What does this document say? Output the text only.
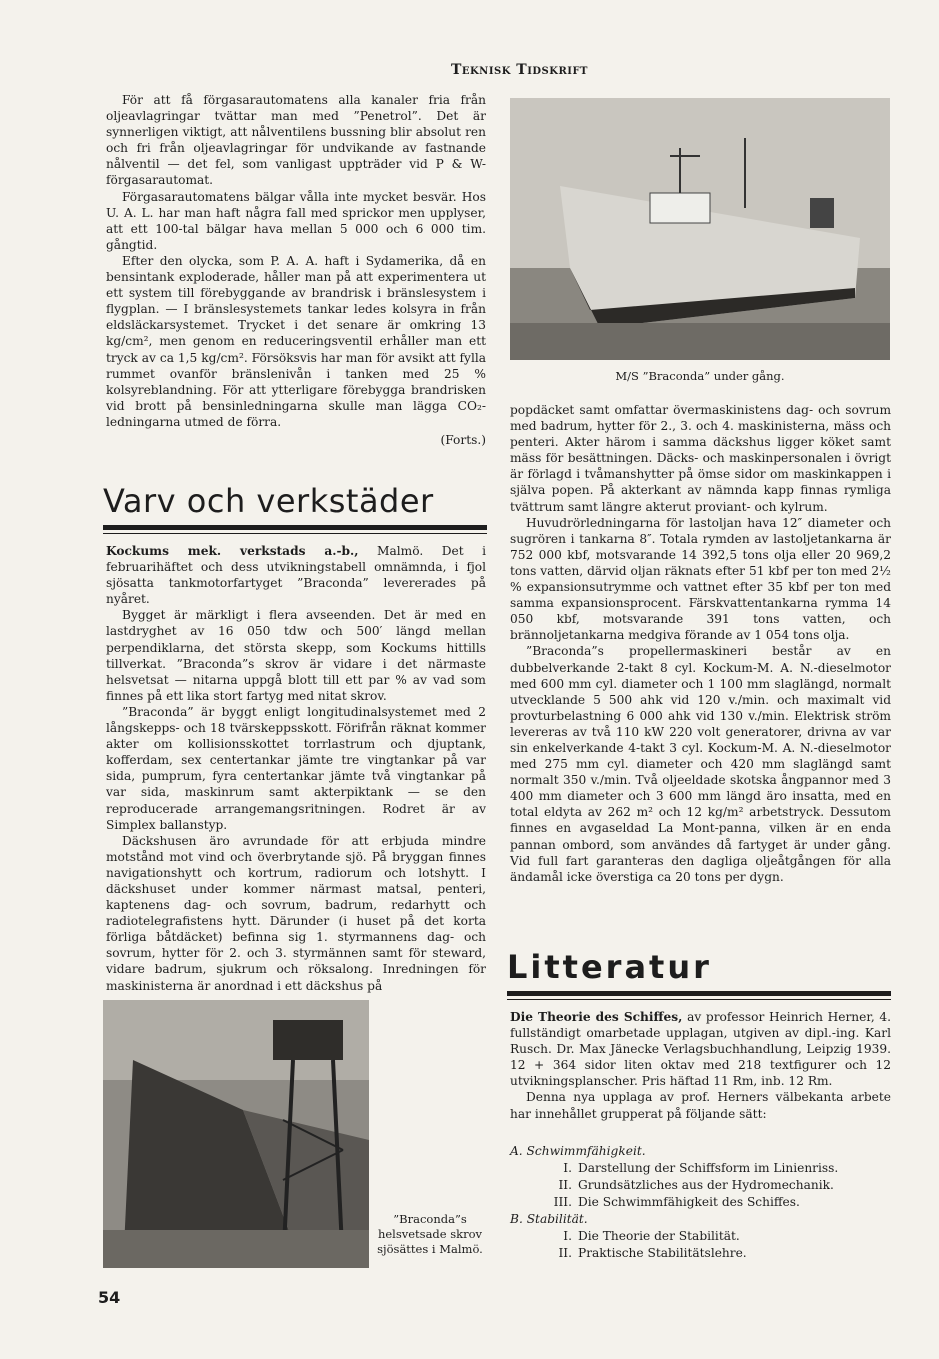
Teknisk Tidskrift

För att få förgasarautomatens alla kanaler fria från oljeavlagringar tvättar man med ”Penetrol”. Det är synnerligen viktigt, att nålventilens bussning blir absolut ren och fri från oljeavlagringar för undvikande av fastnande nålventil — det fel, som vanligast uppträder vid P & W-förgasarautomat.

Förgasarautomatens bälgar vålla inte mycket besvär. Hos U. A. L. har man haft några fall med sprickor men upplyser, att ett 100-tal bälgar hava mellan 5 000 och 6 000 tim. gångtid.

Efter den olycka, som P. A. A. haft i Sydamerika, då en bensintank exploderade, håller man på att experimentera ut ett system till förebyggande av brandrisk i bränslesystem i flygplan. — I bränslesystemets tankar ledes kolsyra in från eldsläckarsystemet. Trycket i det senare är omkring 13 kg/cm², men genom en reduceringsventil erhåller man ett tryck av ca 1,5 kg/cm². Försöksvis har man för avsikt att fylla rummet ovanför bränslenivån i tanken med 25 % kolsyreblandning. För att ytterligare förebygga brandrisken vid brott på bensinledningarna skulle man lägga CO₂-ledningarna utmed de förra.

(Forts.)
Varv och verkstäder

Kockums mek. verkstads a.-b., Malmö. Det i februarihäftet och dess utvikningstabell omnämnda, i fjol sjösatta tankmotorfartyget ”Braconda” levererades på nyåret.

Bygget är märkligt i flera avseenden. Det är med en lastdryghet av 16 050 tdw och 500′ längd mellan perpendiklarna, det största skepp, som Kockums hittills tillverkat. ”Braconda”s skrov är vidare i det närmaste helsvetsat — nitarna uppgå blott till ett par % av vad som finnes på ett lika stort fartyg med nitat skrov.

”Braconda” är byggt enligt longitudinalsystemet med 2 långskepps- och 18 tvärskeppsskott. Förifrån räknat kommer akter om kollisionsskottet torrlastrum och djuptank, kofferdam, sex centertankar jämte tre vingtankar på var sida, pumprum, fyra centertankar jämte två vingtankar på var sida, maskinrum samt akterpiktank — se den reproducerade arrangemangsritningen. Rodret är av Simplex ballanstyp.

Däckshusen äro avrundade för att erbjuda mindre motstånd mot vind och överbrytande sjö. På bryggan finnes navigationshytt och kortrum, radiorum och lotshytt. I däckshuset under kommer närmast matsal, penteri, kaptenens dag- och sovrum, badrum, redarhytt och radiotelegrafistens hytt. Därunder (i huset på det korta förliga båtdäcket) befinna sig 1. styrmannens dag- och sovrum, hytter för 2. och 3. styrmännen samt för steward, vidare badrum, sjukrum och röksalong. Inredningen för maskinisterna är anordnad i ett däckshus på

”Braconda”s helsvetsade skrov sjösättes i Malmö.
M/S ”Braconda” under gång.

popdäcket samt omfattar övermaskinistens dag- och sovrum med badrum, hytter för 2., 3. och 4. maskinisterna, mäss och penteri. Akter härom i samma däckshus ligger köket samt mäss för besättningen. Däcks- och maskinpersonalen i övrigt är förlagd i tvåmanshytter på ömse sidor om maskinkappen i själva popen. På akterkant av nämnda kapp finnas rymliga tvättrum samt längre akterut proviant- och kylrum.

Huvudrörledningarna för lastoljan hava 12″ diameter och sugrören i tankarna 8″. Totala rymden av lastoljetankarna är 752 000 kbf, motsvarande 14 392,5 tons olja eller 20 969,2 tons vatten, därvid oljan räknats efter 51 kbf per ton med 2½ % expansionsutrymme och vattnet efter 35 kbf per ton med samma expansionsprocent. Färskvattentankarna rymma 14 050 kbf, motsvarande 391 tons vatten, och brännoljetankarna medgiva förande av 1 054 tons olja.

”Braconda”s propellermaskineri består av en dubbelverkande 2-takt 8 cyl. Kockum-M. A. N.-dieselmotor med 600 mm cyl. diameter och 1 100 mm slaglängd, normalt utvecklande 5 500 ahk vid 120 v./min. och maximalt vid provturbelastning 6 000 ahk vid 130 v./min. Elektrisk ström levereras av två 110 kW 220 volt generatorer, drivna av var sin enkelverkande 4-takt 3 cyl. Kockum-M. A. N.-dieselmotor med 275 mm cyl. diameter och 420 mm slaglängd samt normalt 350 v./min. Två oljeeldade skotska ångpannor med 3 400 mm diameter och 3 600 mm längd äro insatta, med en total eldyta av 262 m² och 12 kg/m² arbetstryck. Dessutom finnes en avgaseldad La Mont-panna, vilken är en enda pannan ombord, som användes då fartyget är under gång. Vid full fart garanteras den dagliga oljeåtgången för alla ändamål icke överstiga ca 20 tons per dygn.

Litteratur

Die Theorie des Schiffes, av professor Heinrich Herner, 4. fullständigt omarbetade upplagan, utgiven av dipl.-ing. Karl Rusch. Dr. Max Jänecke Verlagsbuchhandlung, Leipzig 1939. 12 + 364 sidor liten oktav med 218 textfigurer och 12 utvikningsplanscher. Pris häftad 11 Rm, inb. 12 Rm.

Denna nya upplaga av prof. Herners välbekanta arbete har innehållet grupperat på följande sätt:

A. Schwimmfähigkeit.
I. Darstellung der Schiffsform im Linienriss.
II. Grundsätzliches aus der Hydromechanik.
III. Die Schwimmfähigkeit des Schiffes.
B. Stabilität.
I. Die Theorie der Stabilität.
II. Praktische Stabilitätslehre.
54
